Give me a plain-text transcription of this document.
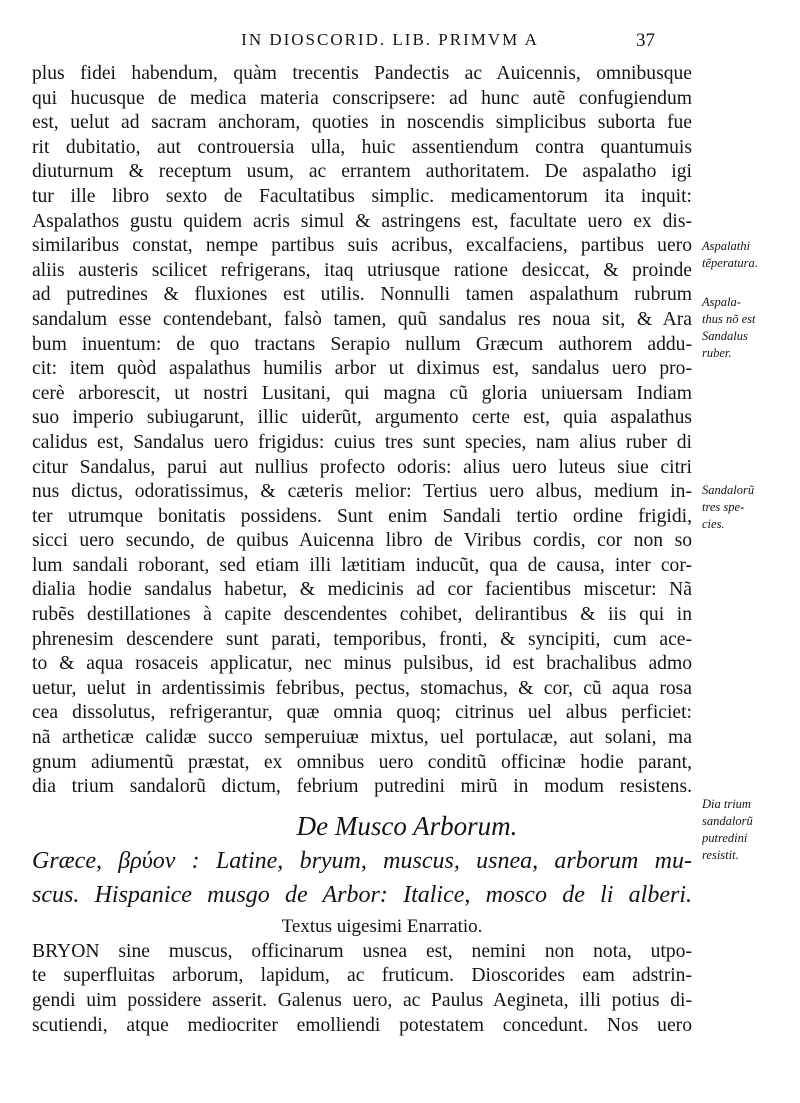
IN DIOSCORID. LIB. PRIMVM A	37
plus fidei habendum, quàm trecentis Pandectis ac Auicennis, omnibusque
qui hucusque de medica materia conscripsere: ad hunc autẽ confugiendum
est, uelut ad sacram anchoram, quoties in noscendis simplicibus suborta fue
rit dubitatio, aut controuersia ulla, huic assentiendum contra quantumuis
diuturnum & receptum usum, ac errantem authoritatem. De aspalatho igi
tur ille libro sexto de Facultatibus simplic. medicamentorum ita inquit:
Aspalathos gustu quidem acris simul & astringens est, facultate uero ex dis-
similaribus constat, nempe partibus suis acribus, excalfaciens, partibus uero
aliis austeris scilicet refrigerans, itaq utriusque ratione desiccat, & proinde
ad putredines & fluxiones est utilis. Nonnulli tamen aspalathum rubrum
sandalum esse contendebant, falsò tamen, quũ sandalus res noua sit, & Ara
bum inuentum: de quo tractans Serapio nullum Græcum authorem addu-
cit: item quòd aspalathus humilis arbor ut diximus est, sandalus uero pro-
cerè arborescit, ut nostri Lusitani, qui magna cũ gloria uniuersam Indiam
suo imperio subiugarunt, illic uiderũt, argumento certe est, quia aspalathus
calidus est, Sandalus uero frigidus: cuius tres sunt species, nam alius ruber di
citur Sandalus, parui aut nullius profecto odoris: alius uero luteus siue citri
nus dictus, odoratissimus, & cæteris melior: Tertius uero albus, medium in-
ter utrumque bonitatis possidens. Sunt enim Sandali tertio ordine frigidi,
sicci uero secundo, de quibus Auicenna libro de Viribus cordis, cor non so
lum sandali roborant, sed etiam illi lætitiam inducũt, qua de causa, inter cor-
dialia hodie sandalus habetur, & medicinis ad cor facientibus miscetur: Nã
rubẽs destillationes à capite descendentes cohibet, delirantibus & iis qui in
phrenesim descendere sunt parati, temporibus, fronti, & syncipiti, cum ace-
to & aqua rosaceis applicatur, nec minus pulsibus, id est brachalibus admo
uetur, uelut in ardentissimis febribus, pectus, stomachus, & cor, cũ aqua rosa
cea dissolutus, refrigerantur, quæ omnia quoq; citrinus uel albus perficiet:
nã artheticæ calidæ succo semperuiuæ mixtus, uel portulacæ, aut solani, ma
gnum adiumentũ præstat, ex omnibus uero conditũ officinæ hodie parant,
dia trium sandalorũ dictum, febrium putredini mirũ in modum resistens.
De Musco Arborum.
Græce, βρύον : Latine, bryum, muscus, usnea, arborum mu-
scus. Hispanice musgo de Arbor: Italice, mosco de li alberi.
Textus uigesimi Enarratio.
BRYON sine muscus, officinarum usnea est, nemini non nota, utpo-
te superfluitas arborum, lapidum, ac fruticum. Dioscorides eam adstrin-
gendi uim possidere asserit. Galenus uero, ac Paulus Aegineta, illi potius di-
scutiendi, atque mediocriter emolliendi potestatem concedunt. Nos uero
Aspalathi
tẽperatura.
Aspala-
thus nõ est
Sandalus
ruber.
Sandalorũ
tres spe-
cies.
Dia trium
sandalorũ
putredini
resistit.
